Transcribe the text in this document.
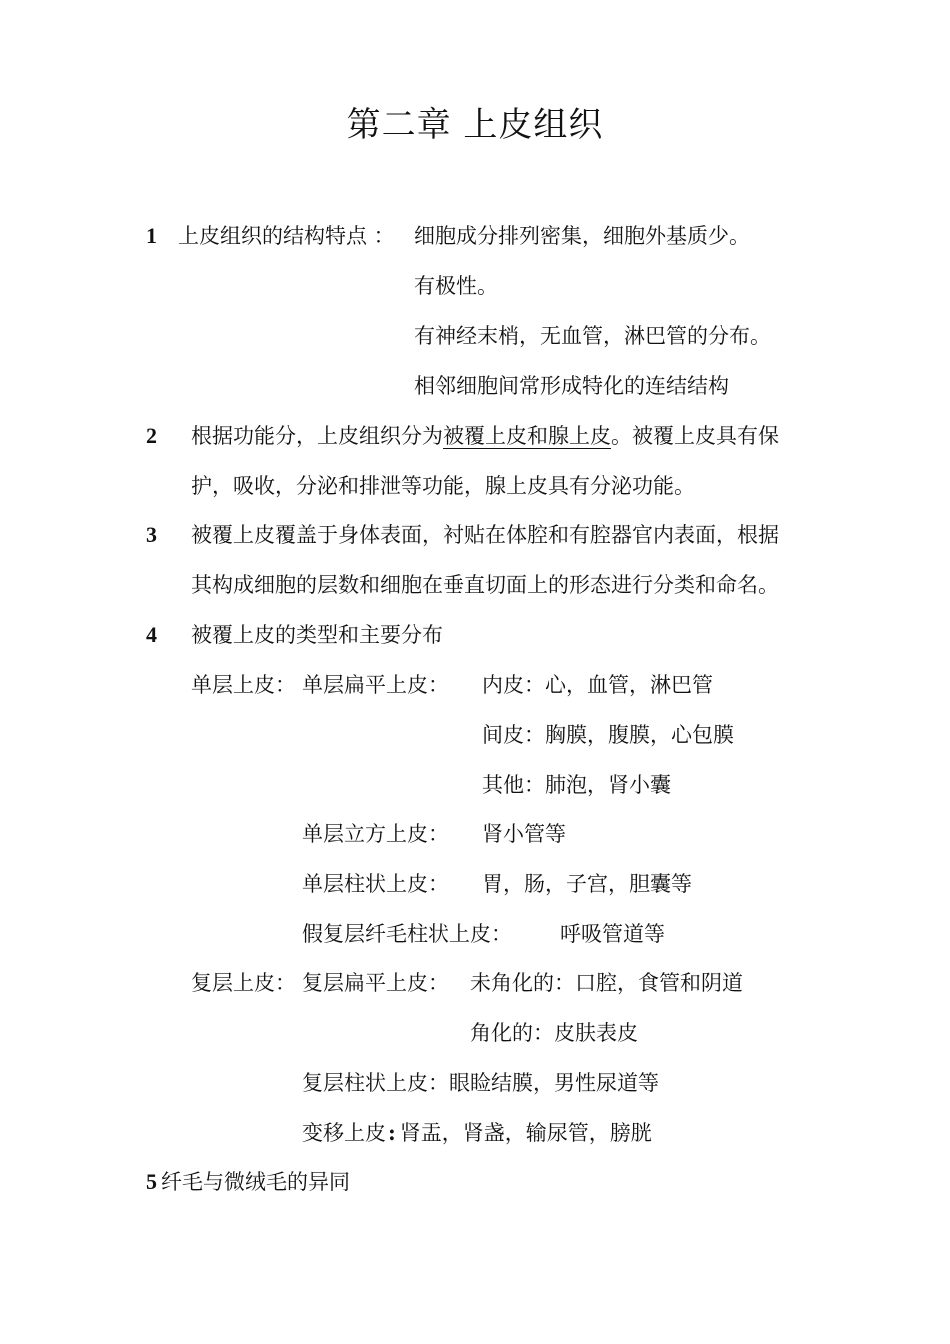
第二章 上皮组织
1 上皮组织的结构特点 ： 细胞成分排列密集，细胞外基质少。
有极性。
有神经末梢，无血管，淋巴管的分布。
相邻细胞间常形成特化的连结结构
2 根据功能分，上皮组织分为被覆上皮和腺上皮。被覆上皮具有保
护，吸收，分泌和排泄等功能，腺上皮具有分泌功能。
3 被覆上皮覆盖于身体表面，衬贴在体腔和有腔器官内表面，根据
其构成细胞的层数和细胞在垂直切面上的形态进行分类和命名。
4 被覆上皮的类型和主要分布
单层上皮： 单层扁平上皮： 内皮：心，血管，淋巴管
间皮：胸膜，腹膜，心包膜
其他：肺泡，肾小囊
单层立方上皮： 肾小管等
单层柱状上皮： 胃，肠，子宫，胆囊等
假复层纤毛柱状上皮： 呼吸管道等
复层上皮： 复层扁平上皮： 未角化的：口腔，食管和阴道
角化的：皮肤表皮
复层柱状上皮：眼睑结膜，男性尿道等
变移上皮: 肾盂，肾盏，输尿管，膀胱
5 纤毛与微绒毛的异同
